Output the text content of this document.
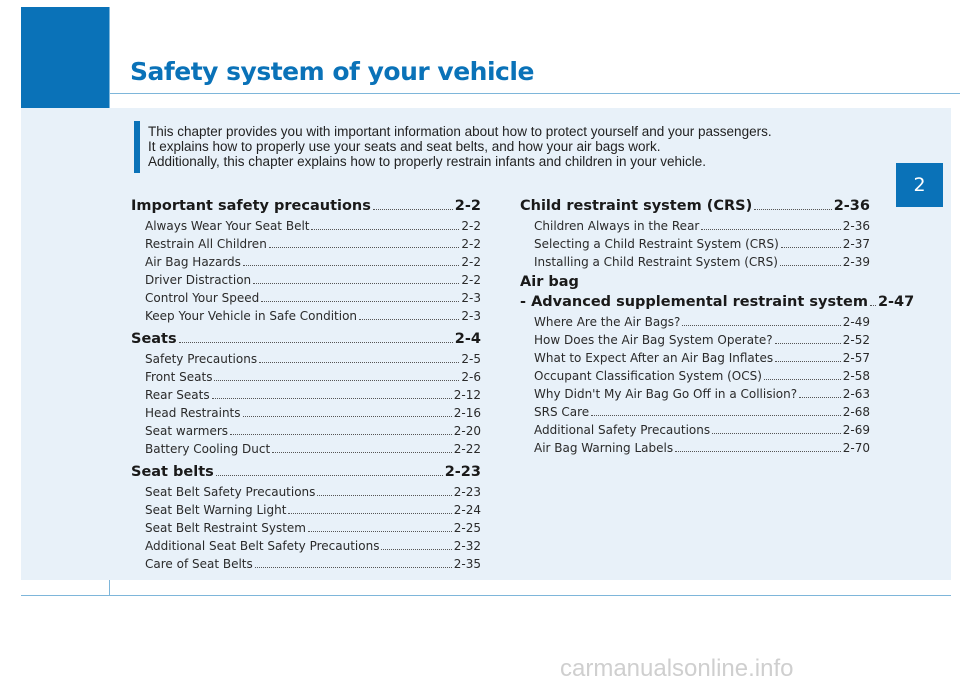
Safety system of your vehicle
This chapter provides you with important information about how to protect yourself and your passengers.
It explains how to properly use your seats and seat belts, and how your air bags work.
Additionally, this chapter explains how to properly restrain infants and children in your vehicle.
2
Important safety precautions	2-2
Always Wear Your Seat Belt	2-2
Restrain All Children	2-2
Air Bag Hazards	2-2
Driver Distraction	2-2
Control Your Speed	2-3
Keep Your Vehicle in Safe Condition	2-3
Seats	2-4
Safety Precautions	2-5
Front Seats	2-6
Rear Seats	2-12
Head Restraints	2-16
Seat warmers	2-20
Battery Cooling Duct	2-22
Seat belts	2-23
Seat Belt Safety Precautions	2-23
Seat Belt Warning Light	2-24
Seat Belt Restraint System	2-25
Additional Seat Belt Safety Precautions	2-32
Care of Seat Belts	2-35
Child restraint system (CRS)	2-36
Children Always in the Rear	2-36
Selecting a Child Restraint System (CRS)	2-37
Installing a Child Restraint System (CRS)	2-39
Air bag
- Advanced supplemental restraint system 2-47
Where Are the Air Bags?	2-49
How Does the Air Bag System Operate?	2-52
What to Expect After an Air Bag Inflates	2-57
Occupant Classification System (OCS)	2-58
Why Didn't My Air Bag Go Off in a Collision?	2-63
SRS Care	2-68
Additional Safety Precautions	2-69
Air Bag Warning Labels	2-70
carmanualsonline.info
